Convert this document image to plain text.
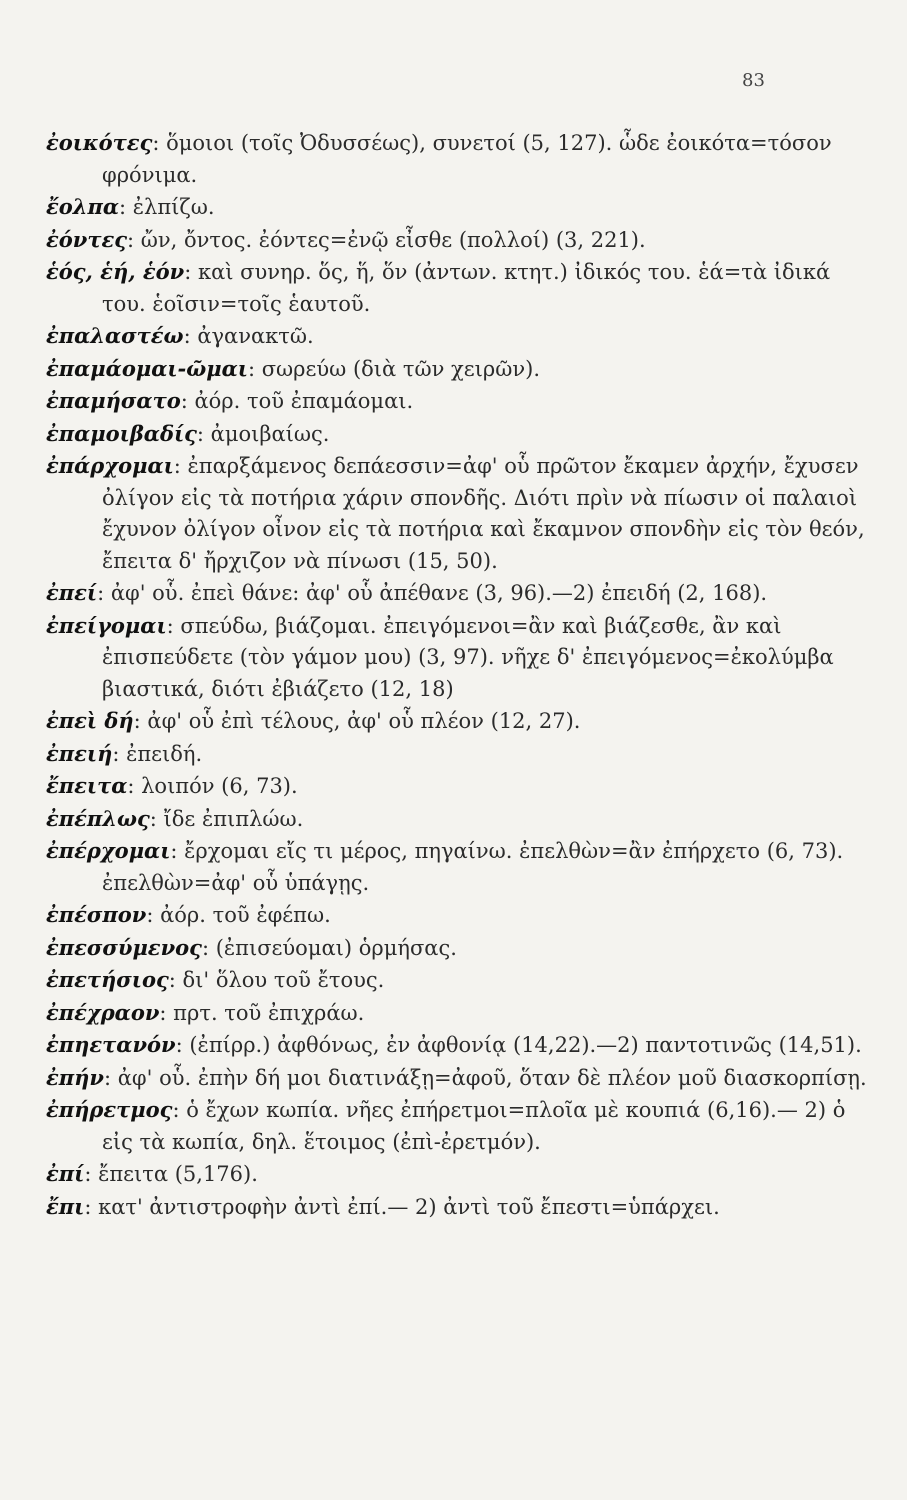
83

ἐοικότες: ὅμοιοι (τοῖς Ὀδυσσέως), συνετοί (5, 127). ὧδε ἐοικότα=τόσον φρόνιμα.

ἔολπα: ἐλπίζω.

ἐόντες: ὤν, ὄντος. ἐόντες=ἐνῷ εἶσθε (πολλοί) (3, 221).

ἑός, ἑή, ἑόν: καὶ συνηρ. ὅς, ἥ, ὅν (ἀντων. κτητ.) ἰδικός του. ἑά=τὰ ἰδικά του. ἑοῖσιν=τοῖς ἑαυτοῦ.

ἐπαλαστέω: ἀγανακτῶ.

ἐπαμάομαι-ῶμαι: σωρεύω (διὰ τῶν χειρῶν).

ἐπαμήσατο: ἀόρ. τοῦ ἐπαμάομαι.

ἐπαμοιβαδίς: ἀμοιβαίως.

ἐπάρχομαι: ἐπαρξάμενος δεπάεσσιν=ἀφ' οὗ πρῶτον ἔκαμεν ἀρχήν, ἔχυσεν ὀλίγον εἰς τὰ ποτήρια χάριν σπονδῆς. Διότι πρὶν νὰ πίωσιν οἱ παλαιοὶ ἔχυνον ὀλίγον οἶνον εἰς τὰ ποτήρια καὶ ἔκαμνον σπονδὴν εἰς τὸν θεόν, ἔπειτα δ' ἤρχιζον νὰ πίνωσι (15, 50).

ἐπεί: ἀφ' οὗ. ἐπεὶ θάνε: ἀφ' οὗ ἀπέθανε (3, 96).—2) ἐπειδή (2, 168).

ἐπείγομαι: σπεύδω, βιάζομαι. ἐπειγόμενοι=ἂν καὶ βιάζεσθε, ἂν καὶ ἐπισπεύδετε (τὸν γάμον μου) (3, 97). νῆχε δ' ἐπειγόμενος=ἐκολύμβα βιαστικά, διότι ἐβιάζετο (12, 18)

ἐπεὶ δή: ἀφ' οὗ ἐπὶ τέλους, ἀφ' οὗ πλέον (12, 27).

ἐπειή: ἐπειδή.

ἔπειτα: λοιπόν (6, 73).

ἐπέπλως: ἴδε ἐπιπλώω.

ἐπέρχομαι: ἔρχομαι εἴς τι μέρος, πηγαίνω. ἐπελθὼν=ἂν ἐπήρχετο (6, 73). ἐπελθὼν=ἀφ' οὗ ὑπάγῃς.

ἐπέσπον: ἀόρ. τοῦ ἐφέπω.

ἐπεσσύμενος: (ἐπισεύομαι) ὁρμήσας.

ἐπετήσιος: δι' ὅλου τοῦ ἔτους.

ἐπέχραον: πρτ. τοῦ ἐπιχράω.

ἐπηετανόν: (ἐπίρρ.) ἀφθόνως, ἐν ἀφθονίᾳ (14,22).—2) παντοτινῶς (14,51).

ἐπήν: ἀφ' οὗ. ἐπὴν δή μοι διατινάξῃ=ἀφοῦ, ὅταν δὲ πλέον μοῦ διασκορπίσῃ.

ἐπήρετμος: ὁ ἔχων κωπία. νῆες ἐπήρετμοι=πλοῖα μὲ κουπιά (6,16).— 2) ὁ εἰς τὰ κωπία, δηλ. ἕτοιμος (ἐπὶ-ἐρετμόν).

ἐπί: ἔπειτα (5,176).

ἔπι: κατ' ἀντιστροφὴν ἀντὶ ἐπί.— 2) ἀντὶ τοῦ ἔπεστι=ὑπάρχει.
